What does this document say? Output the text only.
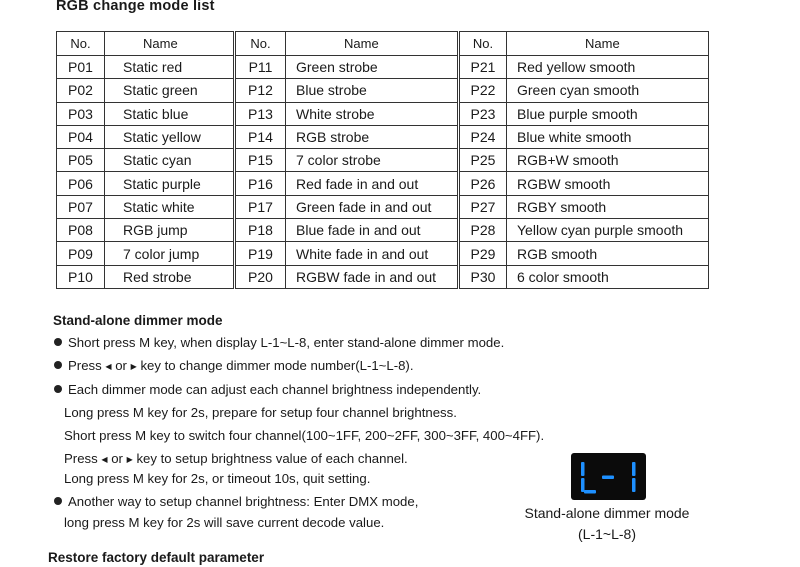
RGB change mode list
No.	Name	No.	Name	No.	Name
P01	Static red	P11	Green strobe	P21	Red yellow smooth
P02	Static green	P12	Blue strobe	P22	Green cyan smooth
P03	Static blue	P13	White strobe	P23	Blue purple smooth
P04	Static yellow	P14	RGB strobe	P24	Blue white smooth
P05	Static cyan	P15	7 color strobe	P25	RGB+W smooth
P06	Static purple	P16	Red fade in and out	P26	RGBW smooth
P07	Static white	P17	Green fade in and out	P27	RGBY smooth
P08	RGB jump	P18	Blue fade in and out	P28	Yellow cyan purple smooth
P09	7 color jump	P19	White fade in and out	P29	RGB smooth
P10	Red strobe	P20	RGBW fade in and out	P30	6 color smooth
Stand-alone dimmer mode
Short press M key, when display L-1~L-8, enter stand-alone dimmer mode.
Press ◀ or ▶ key to change dimmer mode number(L-1~L-8).
Each dimmer mode can adjust each channel brightness independently.
Long press M key for 2s, prepare for setup four channel brightness.
Short press M key to switch four channel(100~1FF, 200~2FF, 300~3FF, 400~4FF).
Press ◀ or ▶ key to setup brightness value of each channel.
Long press M key for 2s, or timeout 10s, quit setting.
Another way to setup channel brightness: Enter DMX mode,
long press M key for 2s will save current decode value.
Stand-alone dimmer mode
(L-1~L-8)
Restore factory default parameter
